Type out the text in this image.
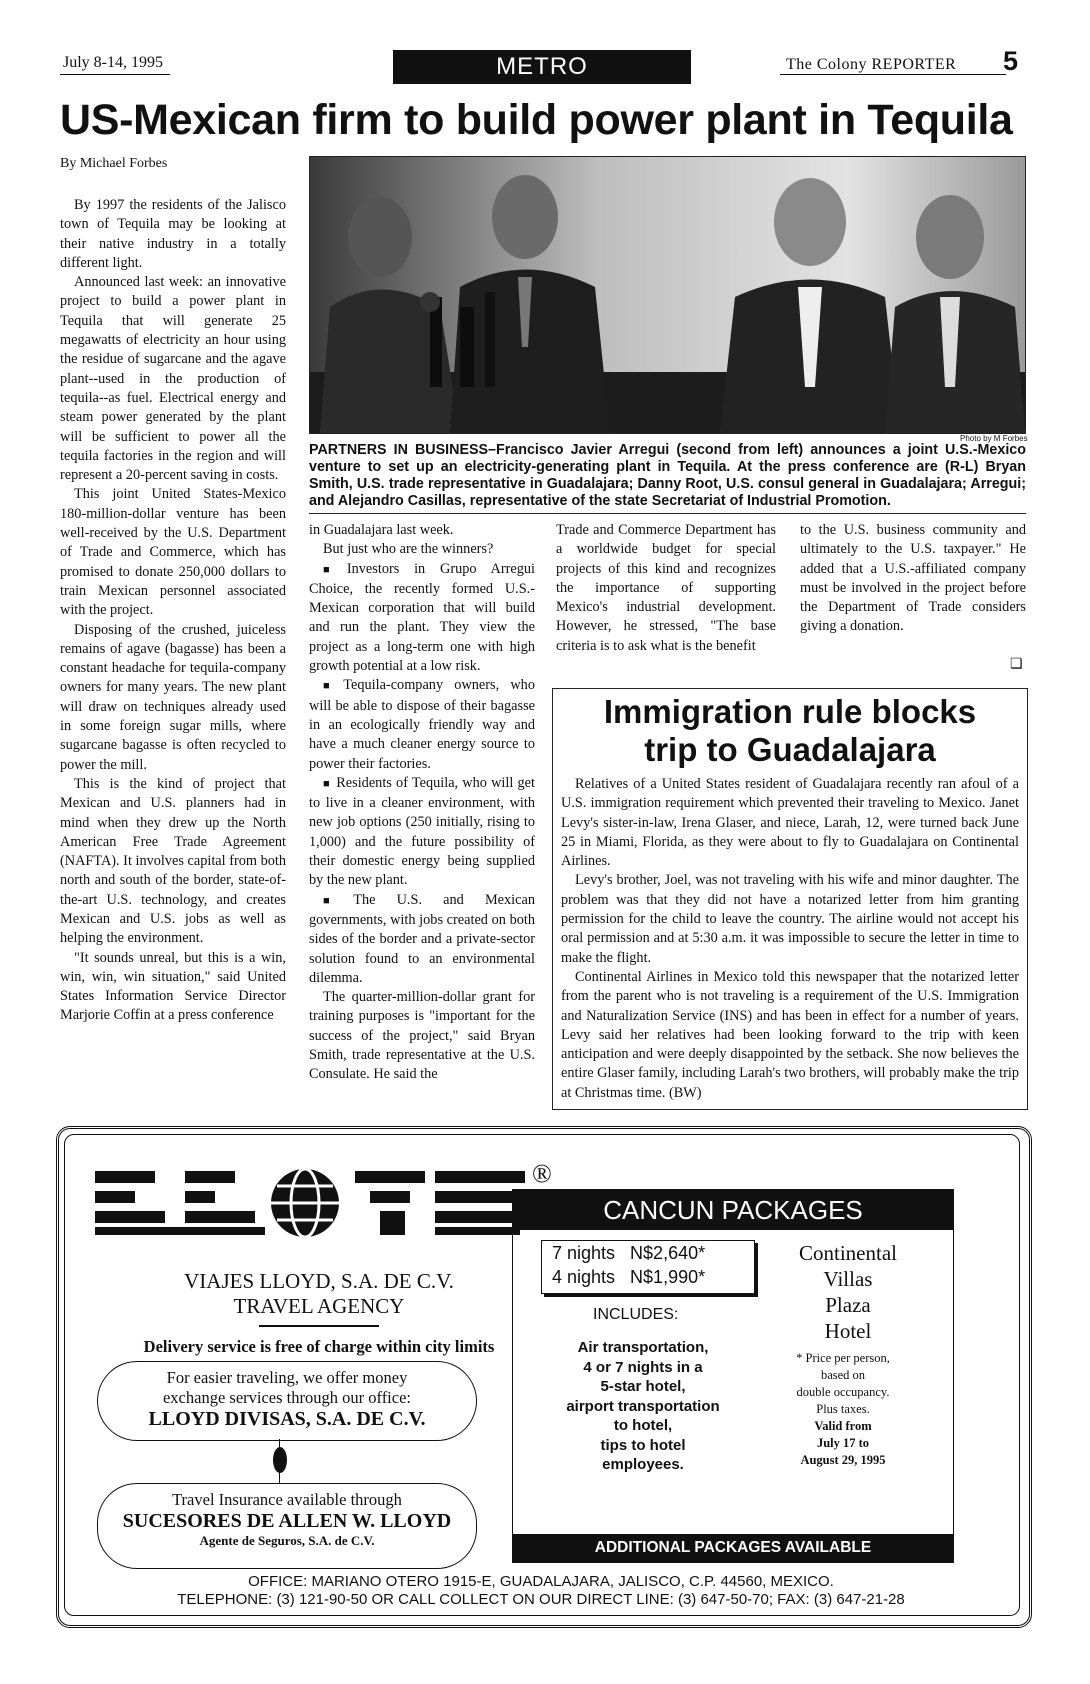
July 8-14, 1995	METRO	The Colony REPORTER 5
US-Mexican firm to build power plant in Tequila
By Michael Forbes
Photo by M Forbes
PARTNERS IN BUSINESS–Francisco Javier Arregui (second from left) announces a joint U.S.-Mexico venture to set up an electricity-generating plant in Tequila. At the press conference are (R-L) Bryan Smith, U.S. trade representative in Guadalajara; Danny Root, U.S. consul general in Guadalajara; Arregui; and Alejandro Casillas, representative of the state Secretariat of Industrial Promotion.

By 1997 the residents of the Jalisco town of Tequila may be looking at their native industry in a totally different light.

Announced last week: an innovative project to build a power plant in Tequila that will generate 25 megawatts of electricity an hour using the residue of sugarcane and the agave plant--used in the production of tequila--as fuel. Electrical energy and steam power generated by the plant will be sufficient to power all the tequila factories in the region and will represent a 20-percent saving in costs.

This joint United States-Mexico 180-million-dollar venture has been well-received by the U.S. Department of Trade and Commerce, which has promised to donate 250,000 dollars to train Mexican personnel associated with the project.

Disposing of the crushed, juiceless remains of agave (bagasse) has been a constant headache for tequila-company owners for many years. The new plant will draw on techniques already used in some foreign sugar mills, where sugarcane bagasse is often recycled to power the mill.

This is the kind of project that Mexican and U.S. planners had in mind when they drew up the North American Free Trade Agreement (NAFTA). It involves capital from both north and south of the border, state-of-the-art U.S. technology, and creates Mexican and U.S. jobs as well as helping the environment.

"It sounds unreal, but this is a win, win, win, win situation," said United States Information Service Director Marjorie Coffin at a press conference

in Guadalajara last week.

But just who are the winners?

■ Investors in Grupo Arregui Choice, the recently formed U.S.-Mexican corporation that will build and run the plant. They view the project as a long-term one with high growth potential at a low risk.

■ Tequila-company owners, who will be able to dispose of their bagasse in an ecologically friendly way and have a much cleaner energy source to power their factories.

■ Residents of Tequila, who will get to live in a cleaner environment, with new job options (250 initially, rising to 1,000) and the future possibility of their domestic energy being supplied by the new plant.

■ The U.S. and Mexican governments, with jobs created on both sides of the border and a private-sector solution found to an environmental dilemma.

The quarter-million-dollar grant for training purposes is "important for the success of the project," said Bryan Smith, trade representative at the U.S. Consulate. He said the

Trade and Commerce Department has a worldwide budget for special projects of this kind and recognizes the importance of supporting Mexico's industrial development. However, he stressed, "The base criteria is to ask what is the benefit

to the U.S. business community and ultimately to the U.S. taxpayer." He added that a U.S.-affiliated company must be involved in the project before the Department of Trade considers giving a donation.

❏
Immigration rule blocks trip to Guadalajara

Relatives of a United States resident of Guadalajara recently ran afoul of a U.S. immigration requirement which prevented their traveling to Mexico. Janet Levy's sister-in-law, Irena Glaser, and niece, Larah, 12, were turned back June 25 in Miami, Florida, as they were about to fly to Guadalajara on Continental Airlines.

Levy's brother, Joel, was not traveling with his wife and minor daughter. The problem was that they did not have a notarized letter from him granting permission for the child to leave the country. The airline would not accept his oral permission and at 5:30 a.m. it was impossible to secure the letter in time to make the flight.

Continental Airlines in Mexico told this newspaper that the notarized letter from the parent who is not traveling is a requirement of the U.S. Immigration and Naturalization Service (INS) and has been in effect for a number of years. Levy said her relatives had been looking forward to the trip with keen anticipation and were deeply disappointed by the setback. She now believes the entire Glaser family, including Larah's two brothers, will probably make the trip at Christmas time. (BW)

®

VIAJES LLOYD, S.A. DE C.V.

TRAVEL AGENCY

Delivery service is free of charge within city limits

For easier traveling, we offer money

exchange services through our office:

LLOYD DIVISAS, S.A. DE C.V.

Travel Insurance available through

SUCESORES DE ALLEN W. LLOYD

Agente de Seguros, S.A. de C.V.

CANCUN PACKAGES

7 nights   N$2,640*

4 nights   N$1,990*

Continental

Villas

Plaza

Hotel

INCLUDES:

Air transportation,

4 or 7 nights in a

5-star hotel,

airport transportation

to hotel,

tips to hotel

employees.

* Price per person,

based on

double occupancy.

Plus taxes.

Valid from

July 17 to

August 29, 1995

ADDITIONAL PACKAGES AVAILABLE
OFFICE: MARIANO OTERO 1915-E, GUADALAJARA, JALISCO, C.P. 44560, MEXICO.
TELEPHONE: (3) 121-90-50 OR CALL COLLECT ON OUR DIRECT LINE: (3) 647-50-70; FAX: (3) 647-21-28
